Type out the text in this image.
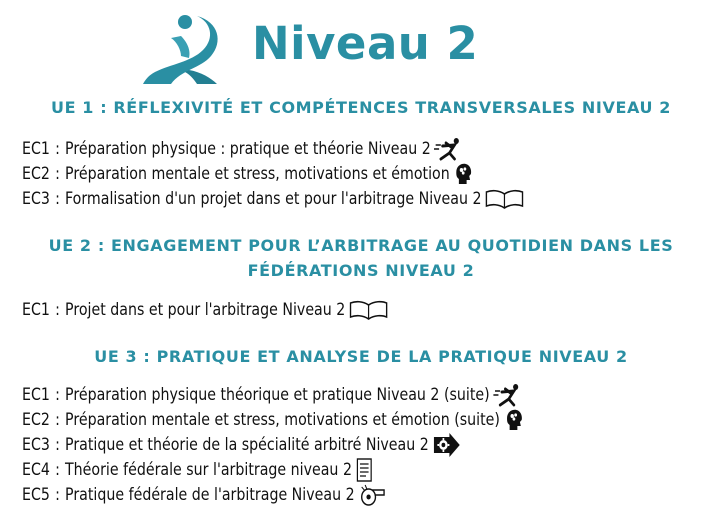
Niveau 2
UE 1 : RÉFLEXIVITÉ ET COMPÉTENCES TRANSVERSALES NIVEAU 2
EC1 : Préparation physique : pratique et théorie Niveau 2
EC2 : Préparation mentale et stress, motivations et émotion
EC3 : Formalisation d'un projet dans et pour l'arbitrage Niveau 2
UE 2 : ENGAGEMENT POUR L’ARBITRAGE AU QUOTIDIEN DANS LES
FÉDÉRATIONS NIVEAU 2
EC1 : Projet dans et pour l'arbitrage Niveau 2
UE 3 : PRATIQUE ET ANALYSE DE LA PRATIQUE NIVEAU 2
EC1 : Préparation physique théorique et pratique Niveau 2 (suite)
EC2 : Préparation mentale et stress, motivations et émotion (suite)
EC3 : Pratique et théorie de la spécialité arbitré Niveau 2
EC4 : Théorie fédérale sur l'arbitrage niveau 2
EC5 : Pratique fédérale de l'arbitrage Niveau 2
